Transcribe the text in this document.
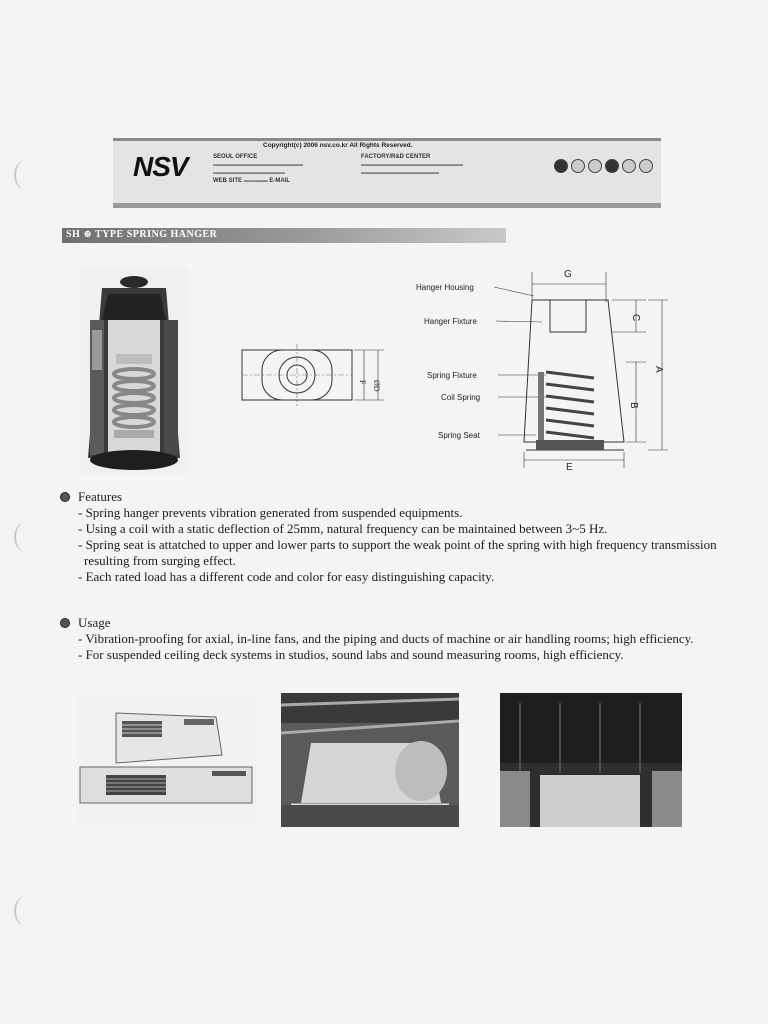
NSV
Copyright(c) 2006 nsv.co.kr All Rights Reserved.
SEOUL OFFICE
▬▬▬▬▬▬▬▬▬▬▬▬▬▬▬
▬▬▬▬▬▬▬▬▬▬▬▬
WEB SITE ▬▬▬▬ E-MAIL
FACTORY/R&D CENTER
▬▬▬▬▬▬▬▬▬▬▬▬▬▬▬▬▬
▬▬▬▬▬▬▬▬▬▬▬▬▬
SH ⊛ TYPE SPRING HANGER
F ØD
Hanger Housing
Hanger Fixture
Spring Fixture
Coil Spring
Spring Seat
G
C
B
A
E
Features
- Spring hanger prevents vibration generated from suspended equipments.
- Using a coil with a static deflection of 25mm, natural frequency can be maintained between 3~5 Hz.
- Spring seat is attatched to upper and lower parts to support the weak point of the spring with high frequency transmission
resulting from surging effect.
- Each rated load has a different code and color for easy distinguishing capacity.
Usage
- Vibration-proofing for axial, in-line fans, and the piping and ducts of machine or air handling rooms; high efficiency.
- For suspended ceiling deck systems in studios, sound labs and sound measuring rooms, high efficiency.
